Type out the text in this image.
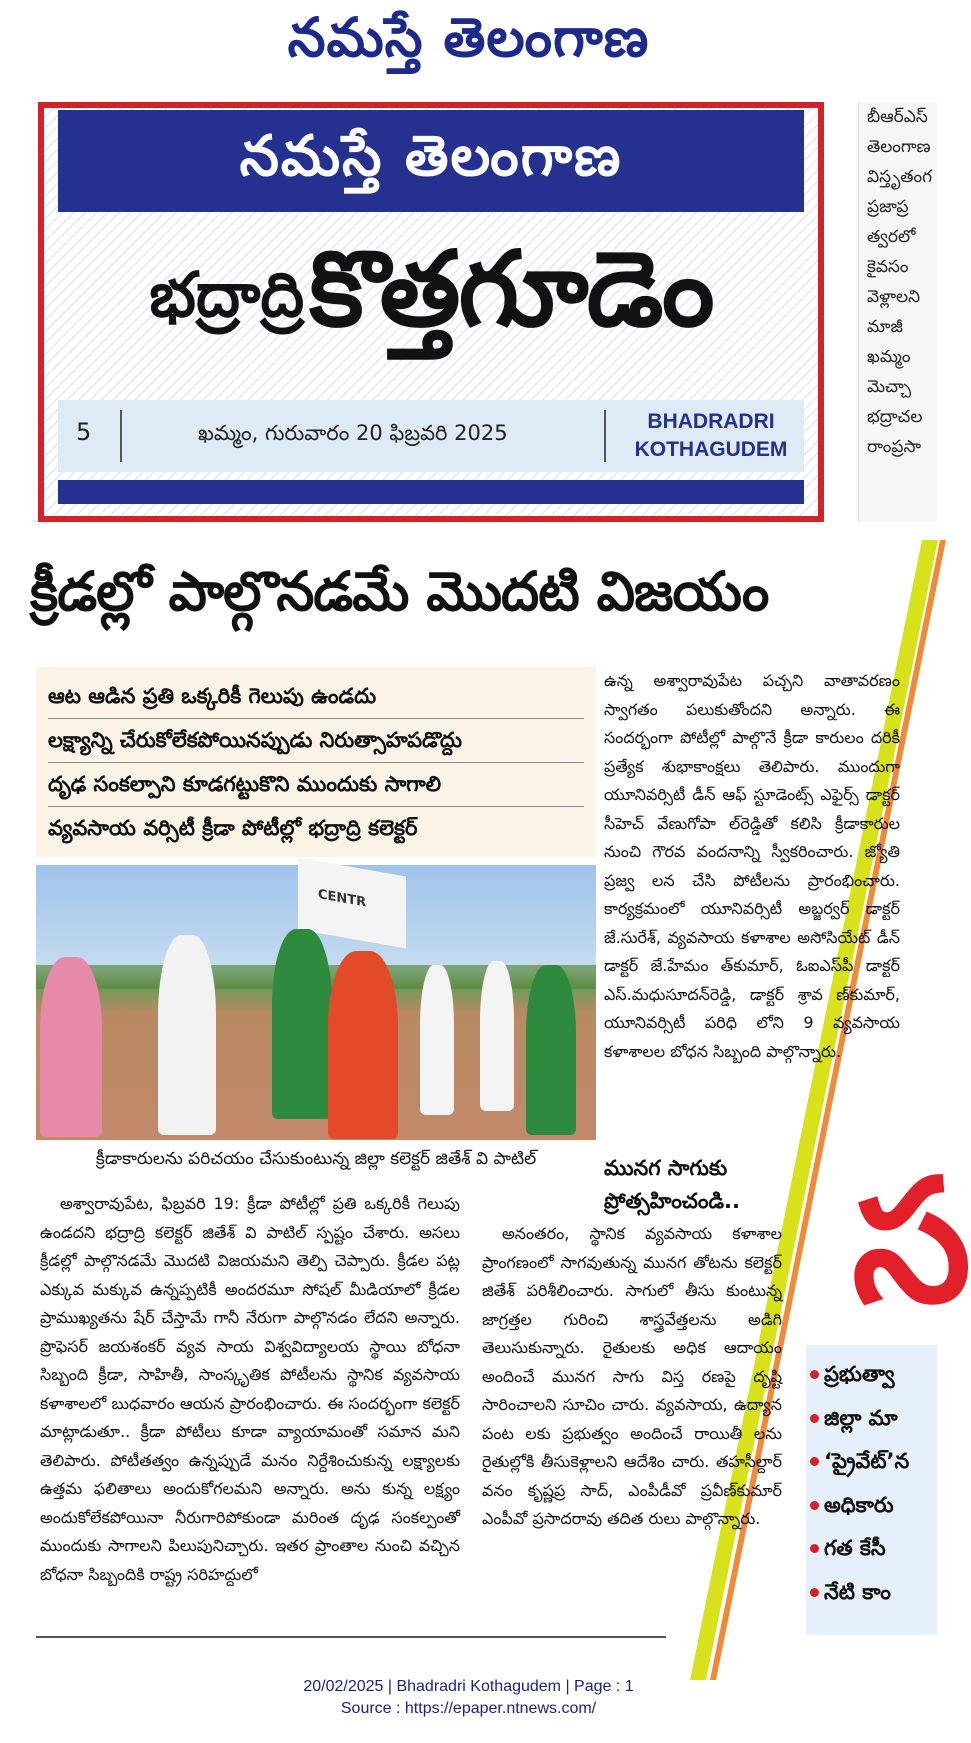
నమస్తే తెలంగాణ
నమస్తే తెలంగాణ
భద్రాద్రి కొత్తగూడెం
5	ఖమ్మం, గురువారం 20 ఫిబ్రవరి 2025	BHADRADRI
KOTHAGUDEM
బీఆర్ఎస్
తెలంగాణ
విస్తృతంగ
ప్రజాప్ర
త్వరలో
కైవసం
వెళ్లాలని
మాజీ
ఖమ్మం
మెచ్చా
భద్రాచల
రాంప్రసా
క్రీడల్లో పాల్గొనడమే మొదటి విజయం
ఆట ఆడిన ప్రతి ఒక్కరికీ గెలుపు ఉండదు
లక్ష్యాన్ని చేరుకోలేకపోయినప్పుడు నిరుత్సాహపడొద్దు
దృఢ సంకల్పాని కూడగట్టుకొని ముందుకు సాగాలి
వ్యవసాయ వర్సిటీ క్రీడా పోటీల్లో భద్రాద్రి కలెక్టర్
CENTR
క్రీడాకారులను పరిచయం చేసుకుంటున్న జిల్లా కలెక్టర్ జితేశ్ వి పాటిల్
ఉన్న అశ్వారావుపేట పచ్చని వాతావరణం స్వాగతం పలుకుతోందని అన్నారు. ఈ సందర్భంగా పోటీల్లో పాల్గొనే క్రీడా కారులం దరికీ ప్రత్యేక శుభాకాంక్షలు తెలిపారు. ముందుగా యూనివర్సిటీ డీన్ ఆఫ్ స్టూడెంట్స్ ఎఫైర్స్ డాక్టర్ సీహెచ్ వేణుగోపా ల్‌రెడ్డితో కలిసి క్రీడాకారుల నుంచి గౌరవ వందనాన్ని స్వీకరించారు. జ్యోతి ప్రజ్వ లన చేసి పోటీలను ప్రారంభించారు. కార్యక్రమంలో యూనివర్సిటీ అబ్జర్వర్ డాక్టర్ జే.సురేశ్, వ్యవసాయ కళాశాల అసోసియేట్ డీన్ డాక్టర్ జే.హేమం త్‌కుమార్, ఓఐఎస్‌పీ డాక్టర్ ఎస్.మధుసూదన్‌రెడ్డి, డాక్టర్ శ్రావ ణ్‌కుమార్, యూనివర్సిటీ పరిధి లోని 9 వ్యవసాయ కళాశాలల బోధన సిబ్బంది పాల్గొన్నారు.
మునగ సాగుకు ప్రోత్సహించండి..
అశ్వారావుపేట, ఫిబ్రవరి 19: క్రీడా పోటీల్లో ప్రతి ఒక్కరికీ గెలుపు ఉండదని భద్రాద్రి కలెక్టర్ జితేశ్ వి పాటిల్ స్పష్టం చేశారు. అసలు క్రీడల్లో పాల్గొనడమే మొదటి విజయమని తెల్పి చెప్పారు. క్రీడల పట్ల ఎక్కువ మక్కువ ఉన్నప్పటికీ అందరమూ సోషల్ మీడియాలో క్రీడల ప్రాముఖ్యతను షేర్ చేస్తామే గానీ నేరుగా పాల్గొనడం లేదని అన్నారు. ప్రొఫెసర్ జయశంకర్ వ్యవ సాయ విశ్వవిద్యాలయ స్థాయి బోధనా సిబ్బంది క్రీడా, సాహితీ, సాంస్కృతిక పోటీలను స్థానిక వ్యవసాయ కళాశాలలో బుధవారం ఆయన ప్రారంభించారు. ఈ సందర్భంగా కలెక్టర్ మాట్లాడుతూ.. క్రీడా పోటీలు కూడా వ్యాయామంతో సమాన మని తెలిపారు. పోటీతత్వం ఉన్నప్పుడే మనం నిర్దేశించుకున్న లక్ష్యాలకు ఉత్తమ ఫలితాలు అందుకోగలమని అన్నారు. అను కున్న లక్ష్యం అందుకోలేకపోయినా నీరుగారిపోకుండా మరింత దృఢ సంకల్పంతో ముందుకు సాగాలని పిలుపునిచ్చారు. ఇతర ప్రాంతాల నుంచి వచ్చిన బోధనా సిబ్బందికి రాష్ట్ర సరిహద్దులో
అనంతరం, స్థానిక వ్యవసాయ కళాశాల ప్రాంగణంలో సాగవుతున్న మునగ తోటను కలెక్టర్ జితేశ్ పరిశీలించారు. సాగులో తీసు కుంటున్న జాగ్రత్తల గురించి శాస్త్రవేత్తలను అడిగి తెలుసుకున్నారు. రైతులకు అధిక ఆదాయం అందించే మునగ సాగు విస్త రణపై దృష్టి సారించాలని సూచిం చారు. వ్యవసాయ, ఉద్యాన పంట లకు ప్రభుత్వం అందించే రాయితీ లను రైతుల్లోకి తీసుకెళ్లాలని ఆదేశిం చారు. తహసీల్దార్ వనం కృష్ణప్ర సాద్, ఎంపీడీవో ప్రవీణ్‌కుమార్ ఎంపీవో ప్రసాదరావు తదిత రులు పాల్గొన్నారు.
స
ప్రభుత్వా
జిల్లా మా
‘ప్రైవేట్’న
అధికారు
గత కేసీ
నేటి కాం
20/02/2025 | Bhadradri Kothagudem | Page : 1
Source : https://epaper.ntnews.com/
